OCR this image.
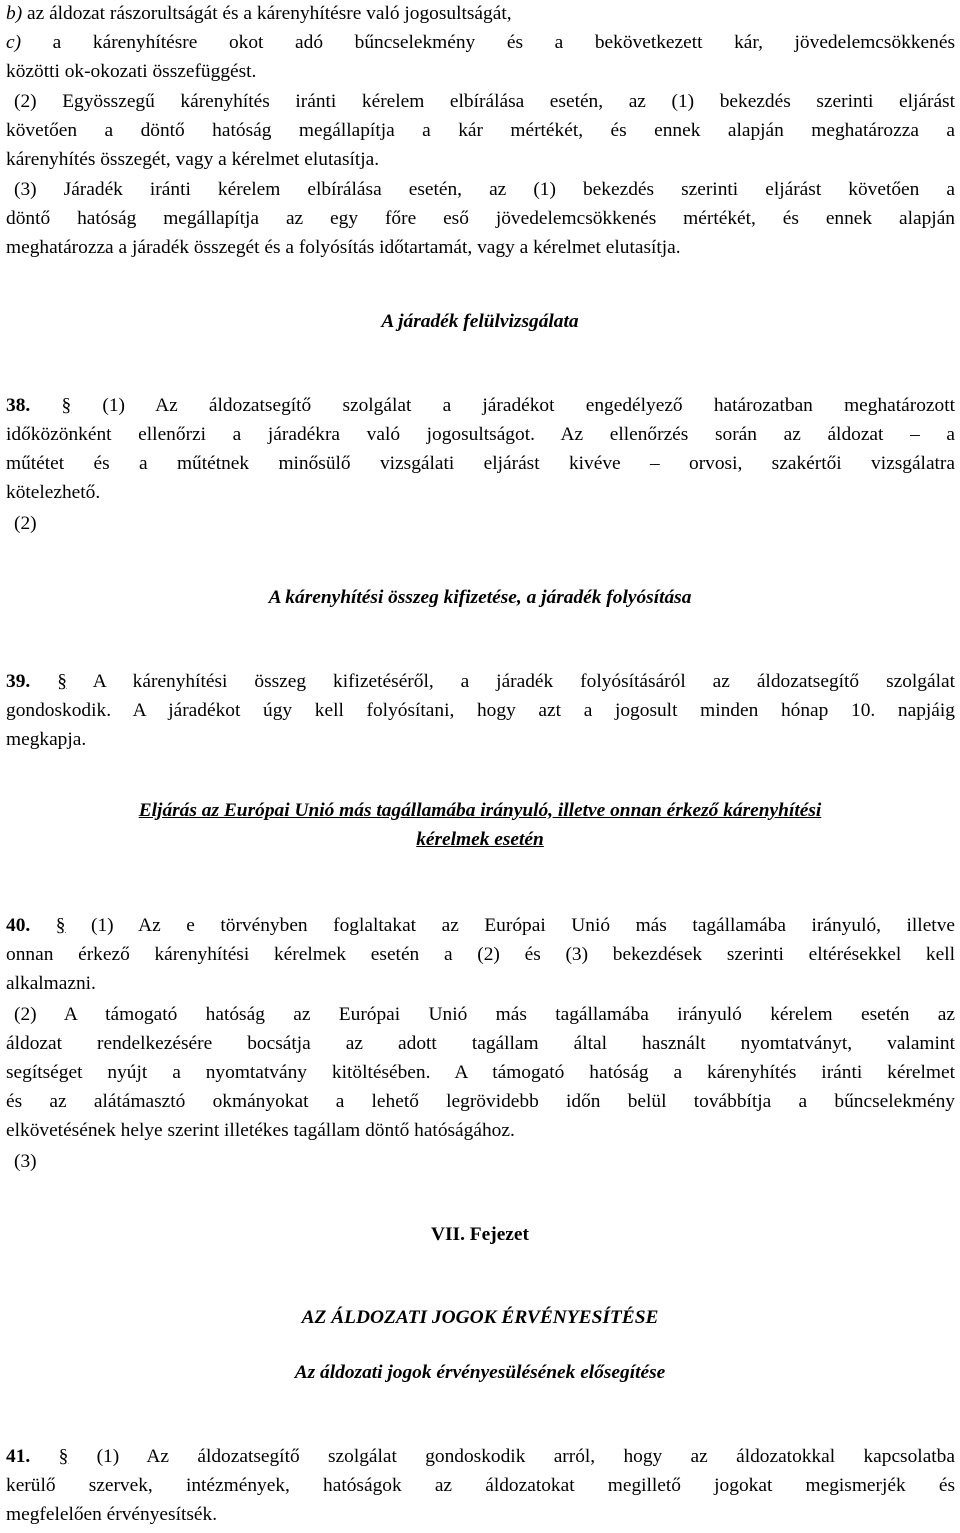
b) az áldozat rászorultságát és a kárenyhítésre való jogosultságát,
c) a kárenyhítésre okot adó bűncselekmény és a bekövetkezett kár, jövedelemcsökkenés
közötti ok-okozati összefüggést.
(2) Egyösszegű kárenyhítés iránti kérelem elbírálása esetén, az (1) bekezdés szerinti eljárást
követően a döntő hatóság megállapítja a kár mértékét, és ennek alapján meghatározza a
kárenyhítés összegét, vagy a kérelmet elutasítja.
(3) Járadék iránti kérelem elbírálása esetén, az (1) bekezdés szerinti eljárást követően a
döntő hatóság megállapítja az egy főre eső jövedelemcsökkenés mértékét, és ennek alapján
meghatározza a járadék összegét és a folyósítás időtartamát, vagy a kérelmet elutasítja.
A járadék felülvizsgálata
38. § (1) Az áldozatsegítő szolgálat a járadékot engedélyező határozatban meghatározott
időközönként ellenőrzi a járadékra való jogosultságot. Az ellenőrzés során az áldozat – a
műtétet és a műtétnek minősülő vizsgálati eljárást kivéve – orvosi, szakértői vizsgálatra
kötelezhető.
(2)
A kárenyhítési összeg kifizetése, a járadék folyósítása
39. § A kárenyhítési összeg kifizetéséről, a járadék folyósításáról az áldozatsegítő szolgálat
gondoskodik. A járadékot úgy kell folyósítani, hogy azt a jogosult minden hónap 10. napjáig
megkapja.
Eljárás az Európai Unió más tagállamába irányuló, illetve onnan érkező kárenyhítési
kérelmek esetén
40. § (1) Az e törvényben foglaltakat az Európai Unió más tagállamába irányuló, illetve
onnan érkező kárenyhítési kérelmek esetén a (2) és (3) bekezdések szerinti eltérésekkel kell
alkalmazni.
(2) A támogató hatóság az Európai Unió más tagállamába irányuló kérelem esetén az
áldozat rendelkezésére bocsátja az adott tagállam által használt nyomtatványt, valamint
segítséget nyújt a nyomtatvány kitöltésében. A támogató hatóság a kárenyhítés iránti kérelmet
és az alátámasztó okmányokat a lehető legrövidebb időn belül továbbítja a bűncselekmény
elkövetésének helye szerint illetékes tagállam döntő hatóságához.
(3)
VII. Fejezet
AZ ÁLDOZATI JOGOK ÉRVÉNYESÍTÉSE
Az áldozati jogok érvényesülésének elősegítése
41. § (1) Az áldozatsegítő szolgálat gondoskodik arról, hogy az áldozatokkal kapcsolatba
kerülő szervek, intézmények, hatóságok az áldozatokat megillető jogokat megismerjék és
megfelelően érvényesítsék.
